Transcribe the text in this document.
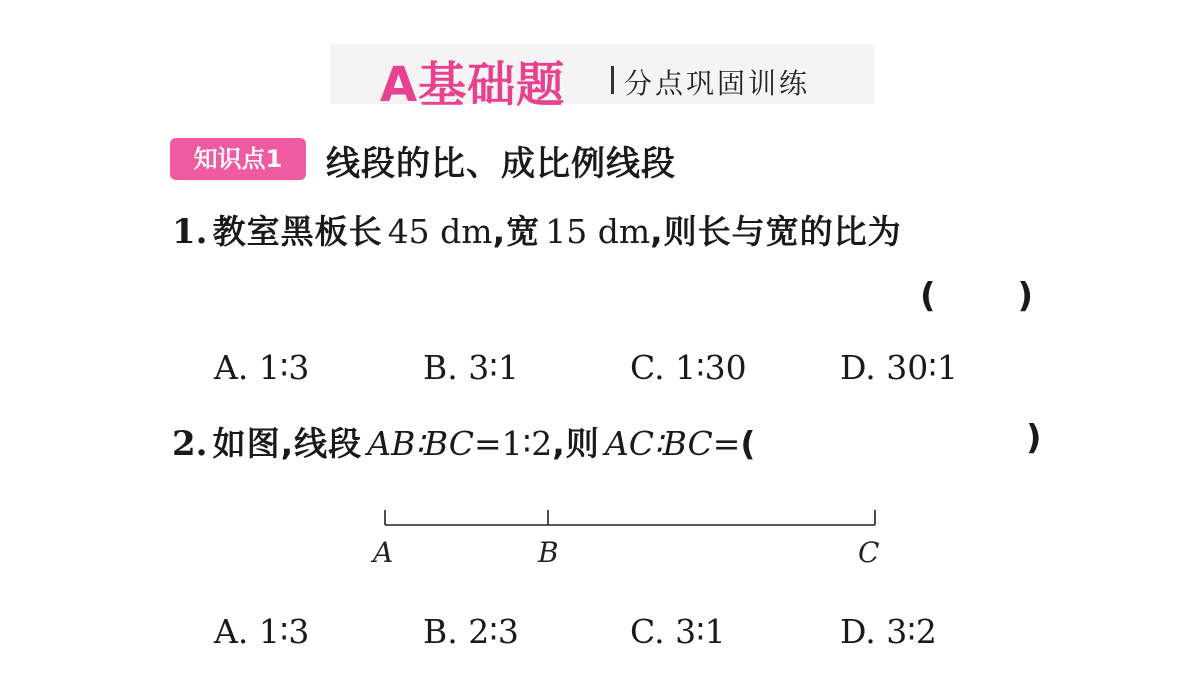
A基础题 分点巩固训练
知识点1	线段的比、成比例线段
1. 教室黑板长 45 dm,宽 15 dm,则长与宽的比为
( )
A. 1∶3	B. 3∶1	C. 1∶30	D. 30∶1
2. 如图,线段 AB∶BC=1∶2,则 AC∶BC=(	)
A	B	C
A. 1∶3	B. 2∶3	C. 3∶1	D. 3∶2
